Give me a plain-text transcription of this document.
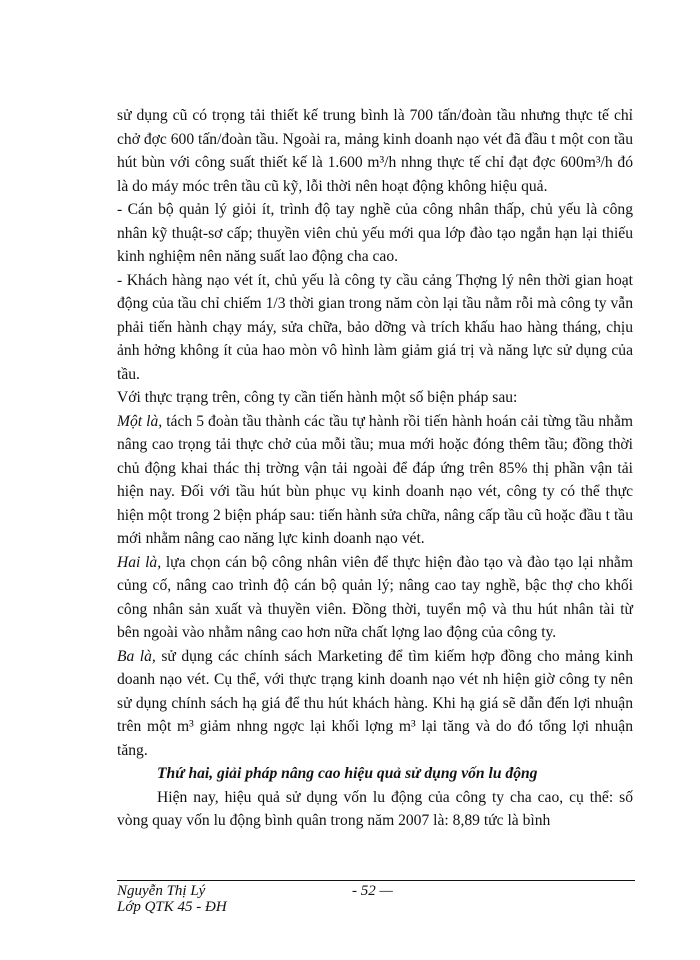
sử dụng cũ có trọng tải thiết kế trung bình là 700 tấn/đoàn tầu nhưng thực tế chỉ chở đợc 600 tấn/đoàn tầu. Ngoài ra, mảng kinh doanh nạo vét đã đầu t một con tầu hút bùn với công suất thiết kế là 1.600 m³/h nhng thực tế chỉ đạt đợc 600m³/h đó là do máy móc trên tầu cũ kỹ, lỗi thời nên hoạt động không hiệu quả.

- Cán bộ quản lý giỏi ít, trình độ tay nghề của công nhân thấp, chủ yếu là công nhân kỹ thuật-sơ cấp; thuyền viên chủ yếu mới qua lớp đào tạo ngắn hạn lại thiếu kinh nghiệm nên năng suất lao động cha cao.

- Khách hàng nạo vét ít, chủ yếu là công ty cầu cảng Thợng lý nên thời gian hoạt động của tầu chỉ chiếm 1/3 thời gian trong năm còn lại tầu nằm rỗi mà công ty vẫn phải tiến hành chạy máy, sửa chữa, bảo dỡng và trích khấu hao hàng tháng, chịu ảnh hởng không ít của hao mòn vô hình làm giảm giá trị và năng lực sử dụng của tầu.

Với thực trạng trên, công ty cần tiến hành một số biện pháp sau:

Một là, tách 5 đoàn tầu thành các tầu tự hành rồi tiến hành hoán cải từng tầu nhằm nâng cao trọng tải thực chở của mỗi tầu; mua mới hoặc đóng thêm tầu; đồng thời chủ động khai thác thị trờng vận tải ngoài để đáp ứng trên 85% thị phần vận tải hiện nay. Đối với tầu hút bùn phục vụ kinh doanh nạo vét, công ty có thể thực hiện một trong 2 biện pháp sau: tiến hành sửa chữa, nâng cấp tầu cũ hoặc đầu t tầu mới nhằm nâng cao năng lực kinh doanh nạo vét.

Hai là, lựa chọn cán bộ công nhân viên để thực hiện đào tạo và đào tạo lại nhằm củng cố, nâng cao trình độ cán bộ quản lý; nâng cao tay nghề, bậc thợ cho khối công nhân sản xuất và thuyền viên. Đồng thời, tuyển mộ và thu hút nhân tài từ bên ngoài vào nhằm nâng cao hơn nữa chất lợng lao động của công ty.

Ba là, sử dụng các chính sách Marketing để tìm kiếm hợp đồng cho mảng kinh doanh nạo vét. Cụ thể, với thực trạng kinh doanh nạo vét nh hiện giờ công ty nên sử dụng chính sách hạ giá để thu hút khách hàng. Khi hạ giá sẽ dẫn đến lợi nhuận trên một m³ giảm nhng ngợc lại khối lợng m³ lại tăng và do đó tổng lợi nhuận tăng.

Thứ hai, giải pháp nâng cao hiệu quả sử dụng vốn lu động

Hiện nay, hiệu quả sử dụng vốn lu động của công ty cha cao, cụ thể: số vòng quay vốn lu động bình quân trong năm 2007 là: 8,89 tức là bình

Nguyễn Thị Lý
Lớp QTK 45 - ĐH
- 52 —
